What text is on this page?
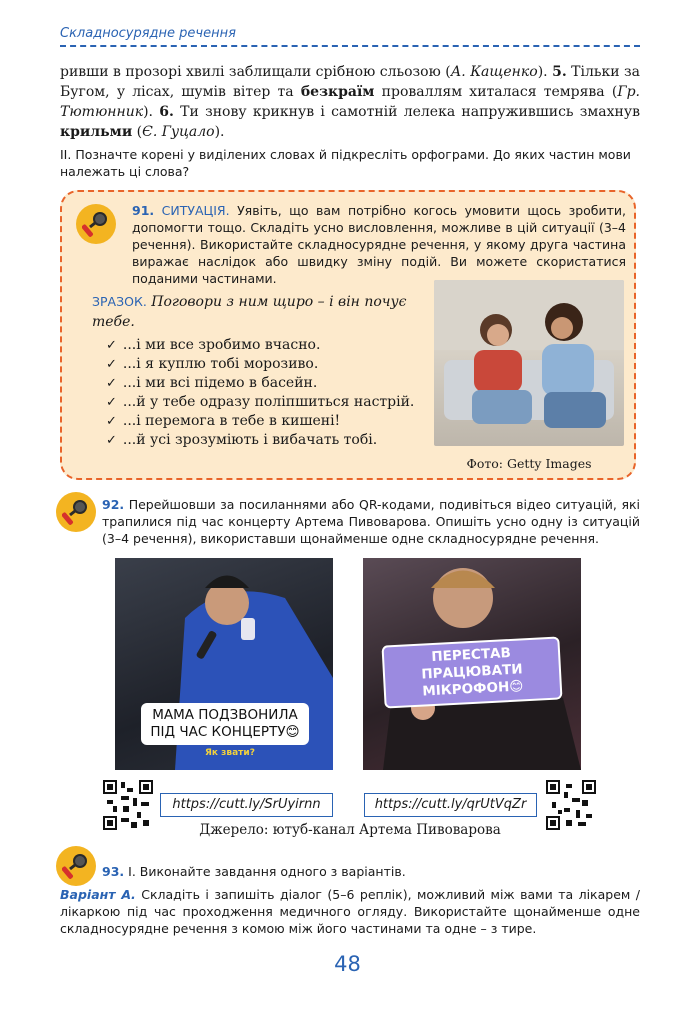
Складносурядне речення
ривши в прозорі хвилі заблищали срібною сльозою (А. Кащенко). 5. Тільки за Бугом, у лісах, шумів вітер та безкраїм проваллям хиталася темрява (Гр. Тютюнник). 6. Ти знову крикнув і самотній лелека напружившись змахнув крильми (Є. Гуцало).
II. Позначте корені у виділених словах й підкресліть орфограми. До яких частин мови належать ці слова?
91. СИТУАЦІЯ. Уявіть, що вам потрібно когось умовити щось зробити, допомогти тощо. Складіть усно висловлення, можливе в цій ситуації (3–4 речення). Використайте складносурядне речення, у якому друга частина виражає наслідок або швидку зміну подій. Ви можете скористатися поданими частинами.
ЗРАЗОК. Поговори з ним щиро – і він почує тебе.
✓ ...і ми все зробимо вчасно.
✓ ...і я куплю тобі морозиво.
✓ ...і ми всі підемо в басейн.
✓ ...й у тебе одразу поліпшиться настрій.
✓ ...і перемога в тебе в кишені!
✓ ...й усі зрозуміють і вибачать тобі.
Фото: Getty Images
92. Перейшовши за посиланнями або QR-кодами, подивіться відео ситуацій, які трапилися під час концерту Артема Пивоварова. Опишіть усно одну із ситуацій (3–4 речення), використавши щонайменше одне складносурядне речення.
МАМА ПОДЗВОНИЛА ПІД ЧАС КОНЦЕРТУ😊
Як звати?
ПЕРЕСТАВ ПРАЦЮВАТИ МІКРОФОН😊
https://cutt.ly/SrUyirnn	https://cutt.ly/qrUtVqZr
Джерело: ютуб-канал Артема Пивоварова
93. I. Виконайте завдання одного з варіантів.
Варіант А. Складіть і запишіть діалог (5–6 реплік), можливий між вами та лікарем / лікаркою під час проходження медичного огляду. Використайте щонайменше одне складносурядне речення з комою між його частинами та одне – з тире.
48
